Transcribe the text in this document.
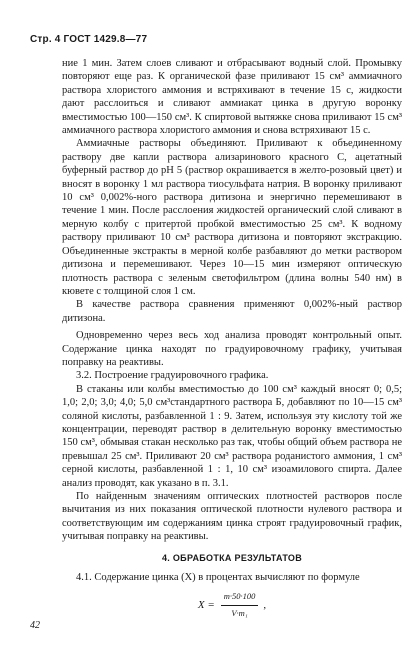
Стр. 4 ГОСТ 1429.8—77

ние 1 мин. Затем слоев сливают и отбрасывают водный слой. Промывку повторяют еще раз. К органической фазе приливают 15 см³ аммиачного раствора хлористого аммония и встряхивают в течение 15 с, жидкости дают расслоиться и сливают аммиакат цинка в другую воронку вместимостью 100—150 см³. К спиртовой вытяжке снова приливают 15 см³ аммиачного раствора хлористого аммония и снова встряхивают 15 с.

Аммиачные растворы объединяют. Приливают к объединенному раствору две капли раствора ализаринового красного С, ацетатный буферный раствор до рН 5 (раствор окрашивается в желто-розовый цвет) и вносят в воронку 1 мл раствора тиосульфата натрия. В воронку приливают 10 см³ 0,002%-ного раствора дитизона и энергично перемешивают в течение 1 мин. После расслоения жидкостей органический слой сливают в мерную колбу с притертой пробкой вместимостью 25 см³. К водному раствору приливают 10 см³ раствора дитизона и повторяют экстракцию. Объединенные экстракты в мерной колбе разбавляют до метки раствором дитизона и перемешивают. Через 10—15 мин измеряют оптическую плотность раствора с зеленым светофильтром (длина волны 540 нм) в кювете с толщиной слоя 1 см.

В качестве раствора сравнения применяют 0,002%-ный раствор дитизона.

Одновременно через весь ход анализа проводят контрольный опыт. Содержание цинка находят по градуировочному графику, учитывая поправку на реактивы.

3.2. Построение градуировочного графика.

В стаканы или колбы вместимостью до 100 см³ каждый вносят 0; 0,5; 1,0; 2,0; 3,0; 4,0; 5,0 см³стандартного раствора Б, добавляют по 10—15 см³ соляной кислоты, разбавленной 1 : 9. Затем, используя эту кислоту той же концентрации, переводят раствор в делительную воронку вместимостью 150 см³, обмывая стакан несколько раз так, чтобы общий объем раствора не превышал 25 см³. Приливают 20 см³ раствора роданистого аммония, 1 см³ серной кислоты, разбавленной 1 : 1, 10 см³ изоамилового спирта. Далее анализ проводят, как указано в п. 3.1.

По найденным значениям оптических плотностей растворов после вычитания из них показания оптической плотности нулевого раствора и соответствующим им содержаниям цинка строят градуировочный график, учитывая поправку на реактивы.

4. ОБРАБОТКА РЕЗУЛЬТАТОВ

4.1. Содержание цинка (X) в процентах вычисляют по формуле

$X = \frac{m\cdot 50\cdot 100}{\text{V·m₁}}$ ,
42
